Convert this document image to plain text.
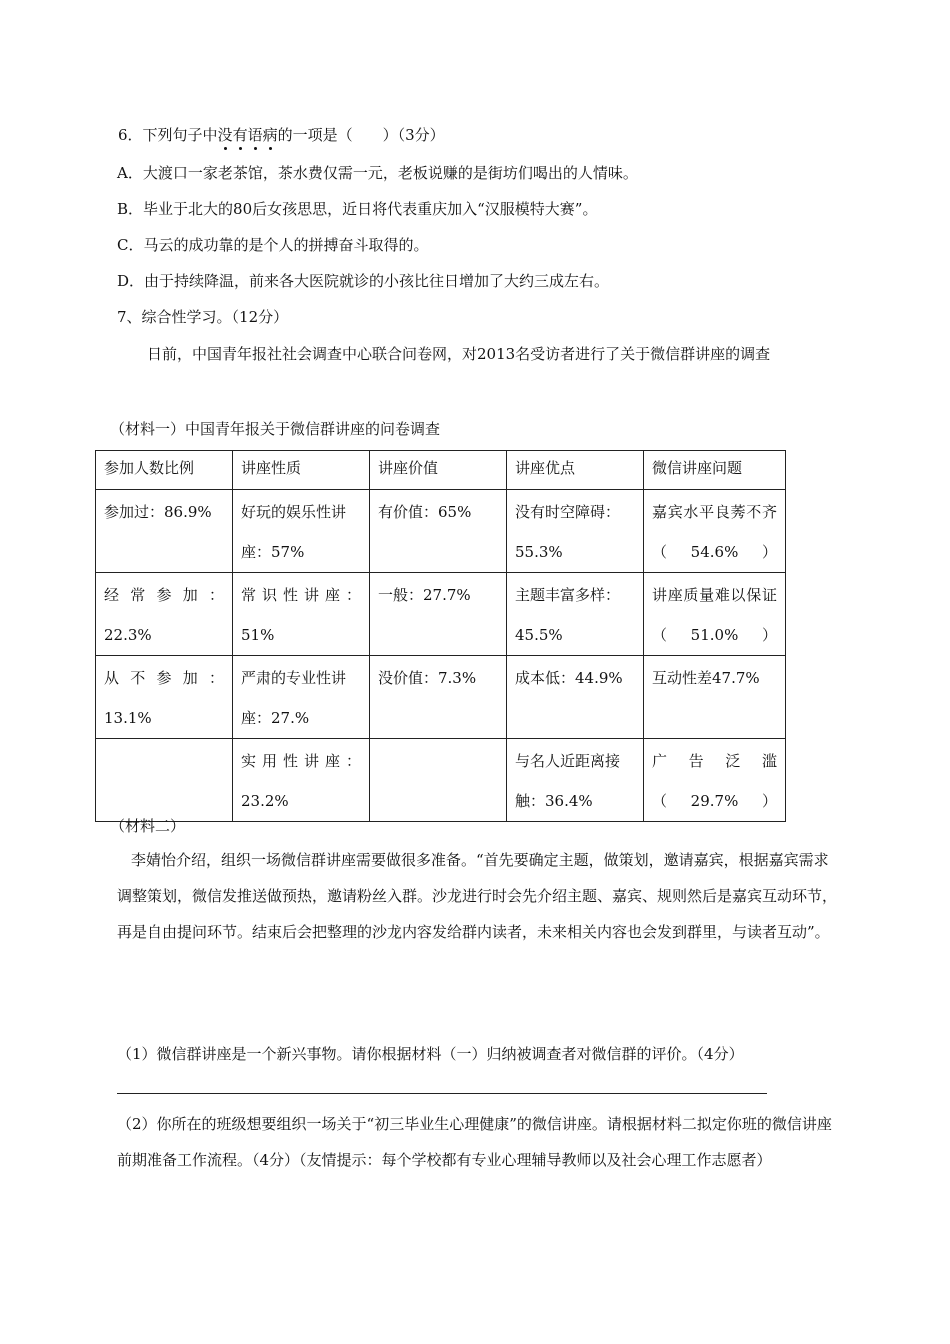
6．下列句子中没有语病的一项是（　　）（3分）
A．大渡口一家老茶馆，茶水费仅需一元，老板说赚的是街坊们喝出的人情味。
B．毕业于北大的80后女孩思思，近日将代表重庆加入“汉服模特大赛”。
C．马云的成功靠的是个人的拼搏奋斗取得的。
D．由于持续降温，前来各大医院就诊的小孩比往日增加了大约三成左右。
7、综合性学习。（12分）
日前，中国青年报社社会调查中心联合问卷网，对2013名受访者进行了关于微信群讲座的调查
（材料一）中国青年报关于微信群讲座的问卷调查
参加人数比例	讲座性质	讲座价值	讲座优点	微信讲座问题
参加过：86.9%	好玩的娱乐性讲座：57%	有价值：65%	没有时空障碍：55.3%	嘉宾水平良莠不齐（54.6%）
经常参加：22.3%	常识性讲座：51%	一般：27.7%	主题丰富多样：45.5%	讲座质量难以保证（51.0%）
从不参加：13.1%	严肃的专业性讲座：27.%	没价值：7.3%	成本低：44.9%	互动性差47.7%
	实用性讲座：23.2%		与名人近距离接触：36.4%	广告泛滥（29.7%）
（材料二）
李婧怡介绍，组织一场微信群讲座需要做很多准备。“首先要确定主题，做策划，邀请嘉宾，根据嘉宾需求调整策划，微信发推送做预热，邀请粉丝入群。沙龙进行时会先介绍主题、嘉宾、规则然后是嘉宾互动环节，再是自由提问环节。结束后会把整理的沙龙内容发给群内读者，未来相关内容也会发到群里，与读者互动”。
（1）微信群讲座是一个新兴事物。请你根据材料（一）归纳被调查者对微信群的评价。（4分）
（2）你所在的班级想要组织一场关于“初三毕业生心理健康”的微信讲座。请根据材料二拟定你班的微信讲座前期准备工作流程。（4分）（友情提示：每个学校都有专业心理辅导教师以及社会心理工作志愿者）
